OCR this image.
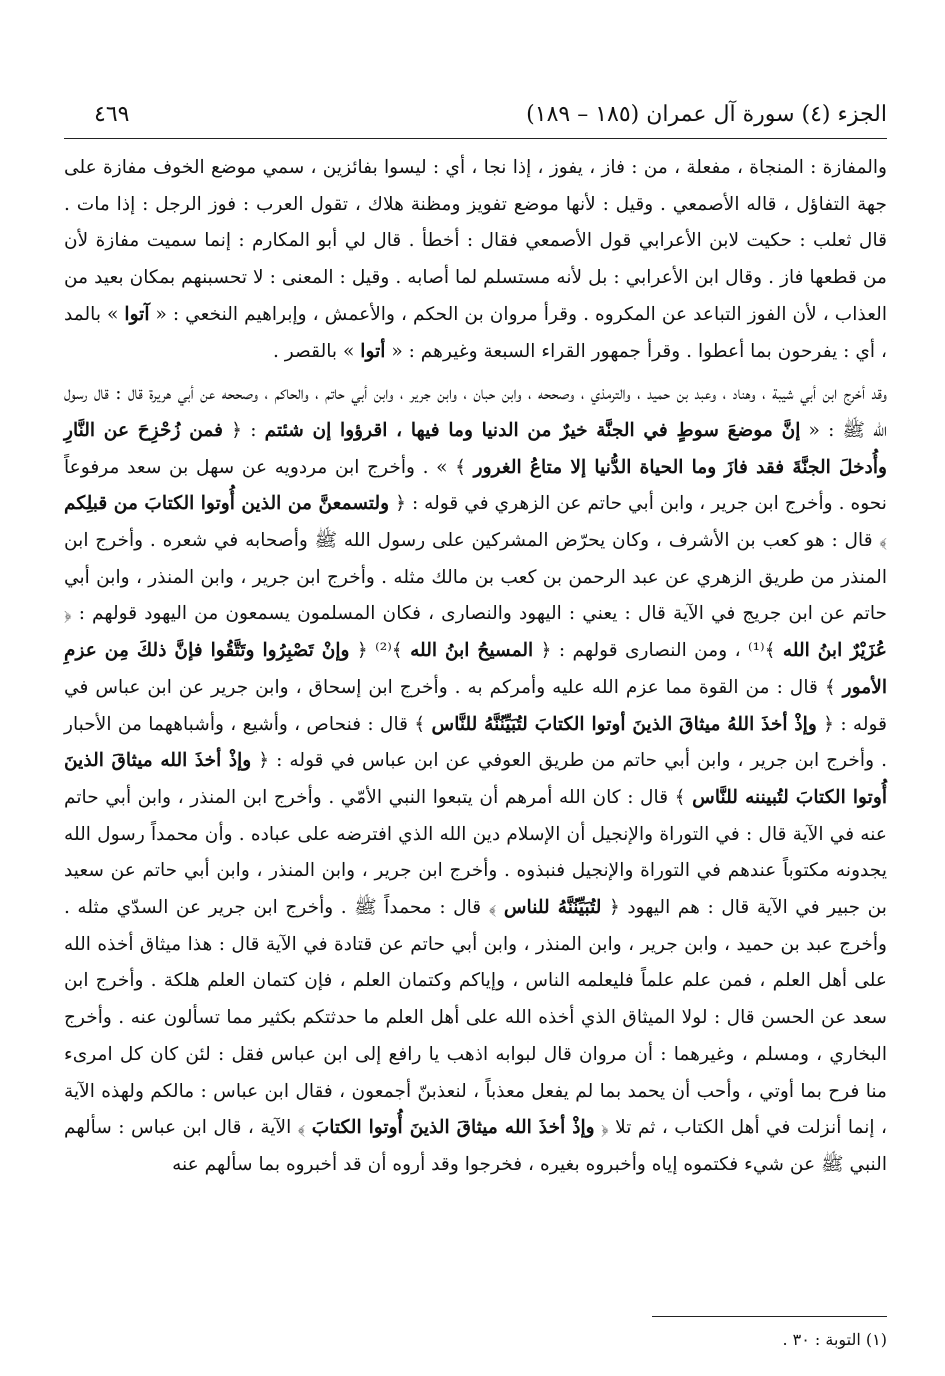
الجزء (٤) سورة آل عمران (١٨٥ – ١٨٩)
٤٦٩

والمفازة : المنجاة ، مفعلة ، من : فاز ، يفوز ، إذا نجا ، أي : ليسوا بفائزين ، سمي موضع الخوف مفازة على جهة التفاؤل ، قاله الأصمعي . وقيل : لأنها موضع تفويز ومظنة هلاك ، تقول العرب : فوز الرجل : إذا مات . قال ثعلب : حكيت لابن الأعرابي قول الأصمعي فقال : أخطأ . قال لي أبو المكارم : إنما سميت مفازة لأن من قطعها فاز . وقال ابن الأعرابي : بل لأنه مستسلم لما أصابه . وقيل : المعنى : لا تحسبنهم بمكان بعيد من العذاب ، لأن الفوز التباعد عن المكروه . وقرأ مروان بن الحكم ، والأعمش ، وإبراهيم النخعي : « آتوا » بالمد ، أي : يفرحون بما أعطوا . وقرأ جمهور القراء السبعة وغيرهم : « أتوا » بالقصر .

وقد أخرج ابن أبي شيبة ، وهناد ، وعبد بن حميد ، والترمذي ، وصححه ، وابن حبان ، وابن جرير ، وابن أبي حاتم ، والحاكم ، وصححه عن أبي هريرة قال : قال رسول الله ﷺ : « إنَّ موضعَ سوطٍ في الجنَّة خيرٌ من الدنيا وما فيها ، اقرؤوا إن شئتم : ﴿ فمن زُحْزِحَ عن النَّارِ وأُدخلَ الجنَّةَ فقد فازَ وما الحياة الدُّنيا إلا متاعُ الغرور ﴾ » . وأخرج ابن مردويه عن سهل بن سعد مرفوعاً نحوه . وأخرج ابن جرير ، وابن أبي حاتم عن الزهري في قوله : ﴿ ولتسمعنَّ من الذين أُوتوا الكتابَ من قبلِكم ﴾ قال : هو كعب بن الأشرف ، وكان يحرّض المشركين على رسول الله ﷺ وأصحابه في شعره . وأخرج ابن المنذر من طريق الزهري عن عبد الرحمن بن كعب بن مالك مثله . وأخرج ابن جرير ، وابن المنذر ، وابن أبي حاتم عن ابن جريج في الآية قال : يعني : اليهود والنصارى ، فكان المسلمون يسمعون من اليهود قولهم : ﴿ عُزَيْرٌ ابنُ الله ﴾⁽¹⁾ ، ومن النصارى قولهم : ﴿ المسيحُ ابنُ الله ﴾⁽²⁾ ﴿ وإنْ تَصْبِرُوا وتَتَّقُوا فإنَّ ذلكَ مِن عزمِ الأمور ﴾ قال : من القوة مما عزم الله عليه وأمركم به . وأخرج ابن إسحاق ، وابن جرير عن ابن عباس في قوله : ﴿ وإذْ أخذَ اللهُ ميثاقَ الذينَ أوتوا الكتابَ لتُبَيِّنُنَّهُ للنَّاس ﴾ قال : فنحاص ، وأشيع ، وأشباههما من الأحبار . وأخرج ابن جرير ، وابن أبي حاتم من طريق العوفي عن ابن عباس في قوله : ﴿ وإذْ أخذَ الله ميثاقَ الذينَ أُوتوا الكتابَ لتُبيننه للنَّاس ﴾ قال : كان الله أمرهم أن يتبعوا النبي الأمّي . وأخرج ابن المنذر ، وابن أبي حاتم عنه في الآية قال : في التوراة والإنجيل أن الإسلام دين الله الذي افترضه على عباده . وأن محمداً رسول الله يجدونه مكتوباً عندهم في التوراة والإنجيل فنبذوه . وأخرج ابن جرير ، وابن المنذر ، وابن أبي حاتم عن سعيد بن جبير في الآية قال : هم اليهود ﴿ لتُبَيِّنُنَّهُ للناس ﴾ قال : محمداً ﷺ . وأخرج ابن جرير عن السدّي مثله . وأخرج عبد بن حميد ، وابن جرير ، وابن المنذر ، وابن أبي حاتم عن قتادة في الآية قال : هذا ميثاق أخذه الله على أهل العلم ، فمن علم علماً فليعلمه الناس ، وإياكم وكتمان العلم ، فإن كتمان العلم هلكة . وأخرج ابن سعد عن الحسن قال : لولا الميثاق الذي أخذه الله على أهل العلم ما حدثتكم بكثير مما تسألون عنه . وأخرج البخاري ، ومسلم ، وغيرهما : أن مروان قال لبوابه اذهب يا رافع إلى ابن عباس فقل : لئن كان كل امرىء منا فرح بما أوتي ، وأحب أن يحمد بما لم يفعل معذباً ، لنعذبنّ أجمعون ، فقال ابن عباس : مالكم ولهذه الآية ، إنما أنزلت في أهل الكتاب ، ثم تلا ﴿ وإذْ أخذَ الله ميثاقَ الذينَ أُوتوا الكتابَ ﴾ الآية ، قال ابن عباس : سألهم النبي ﷺ عن شيء فكتموه إياه وأخبروه بغيره ، فخرجوا وقد أروه أن قد أخبروه بما سألهم عنه

(١) التوبة : ٣٠ .
